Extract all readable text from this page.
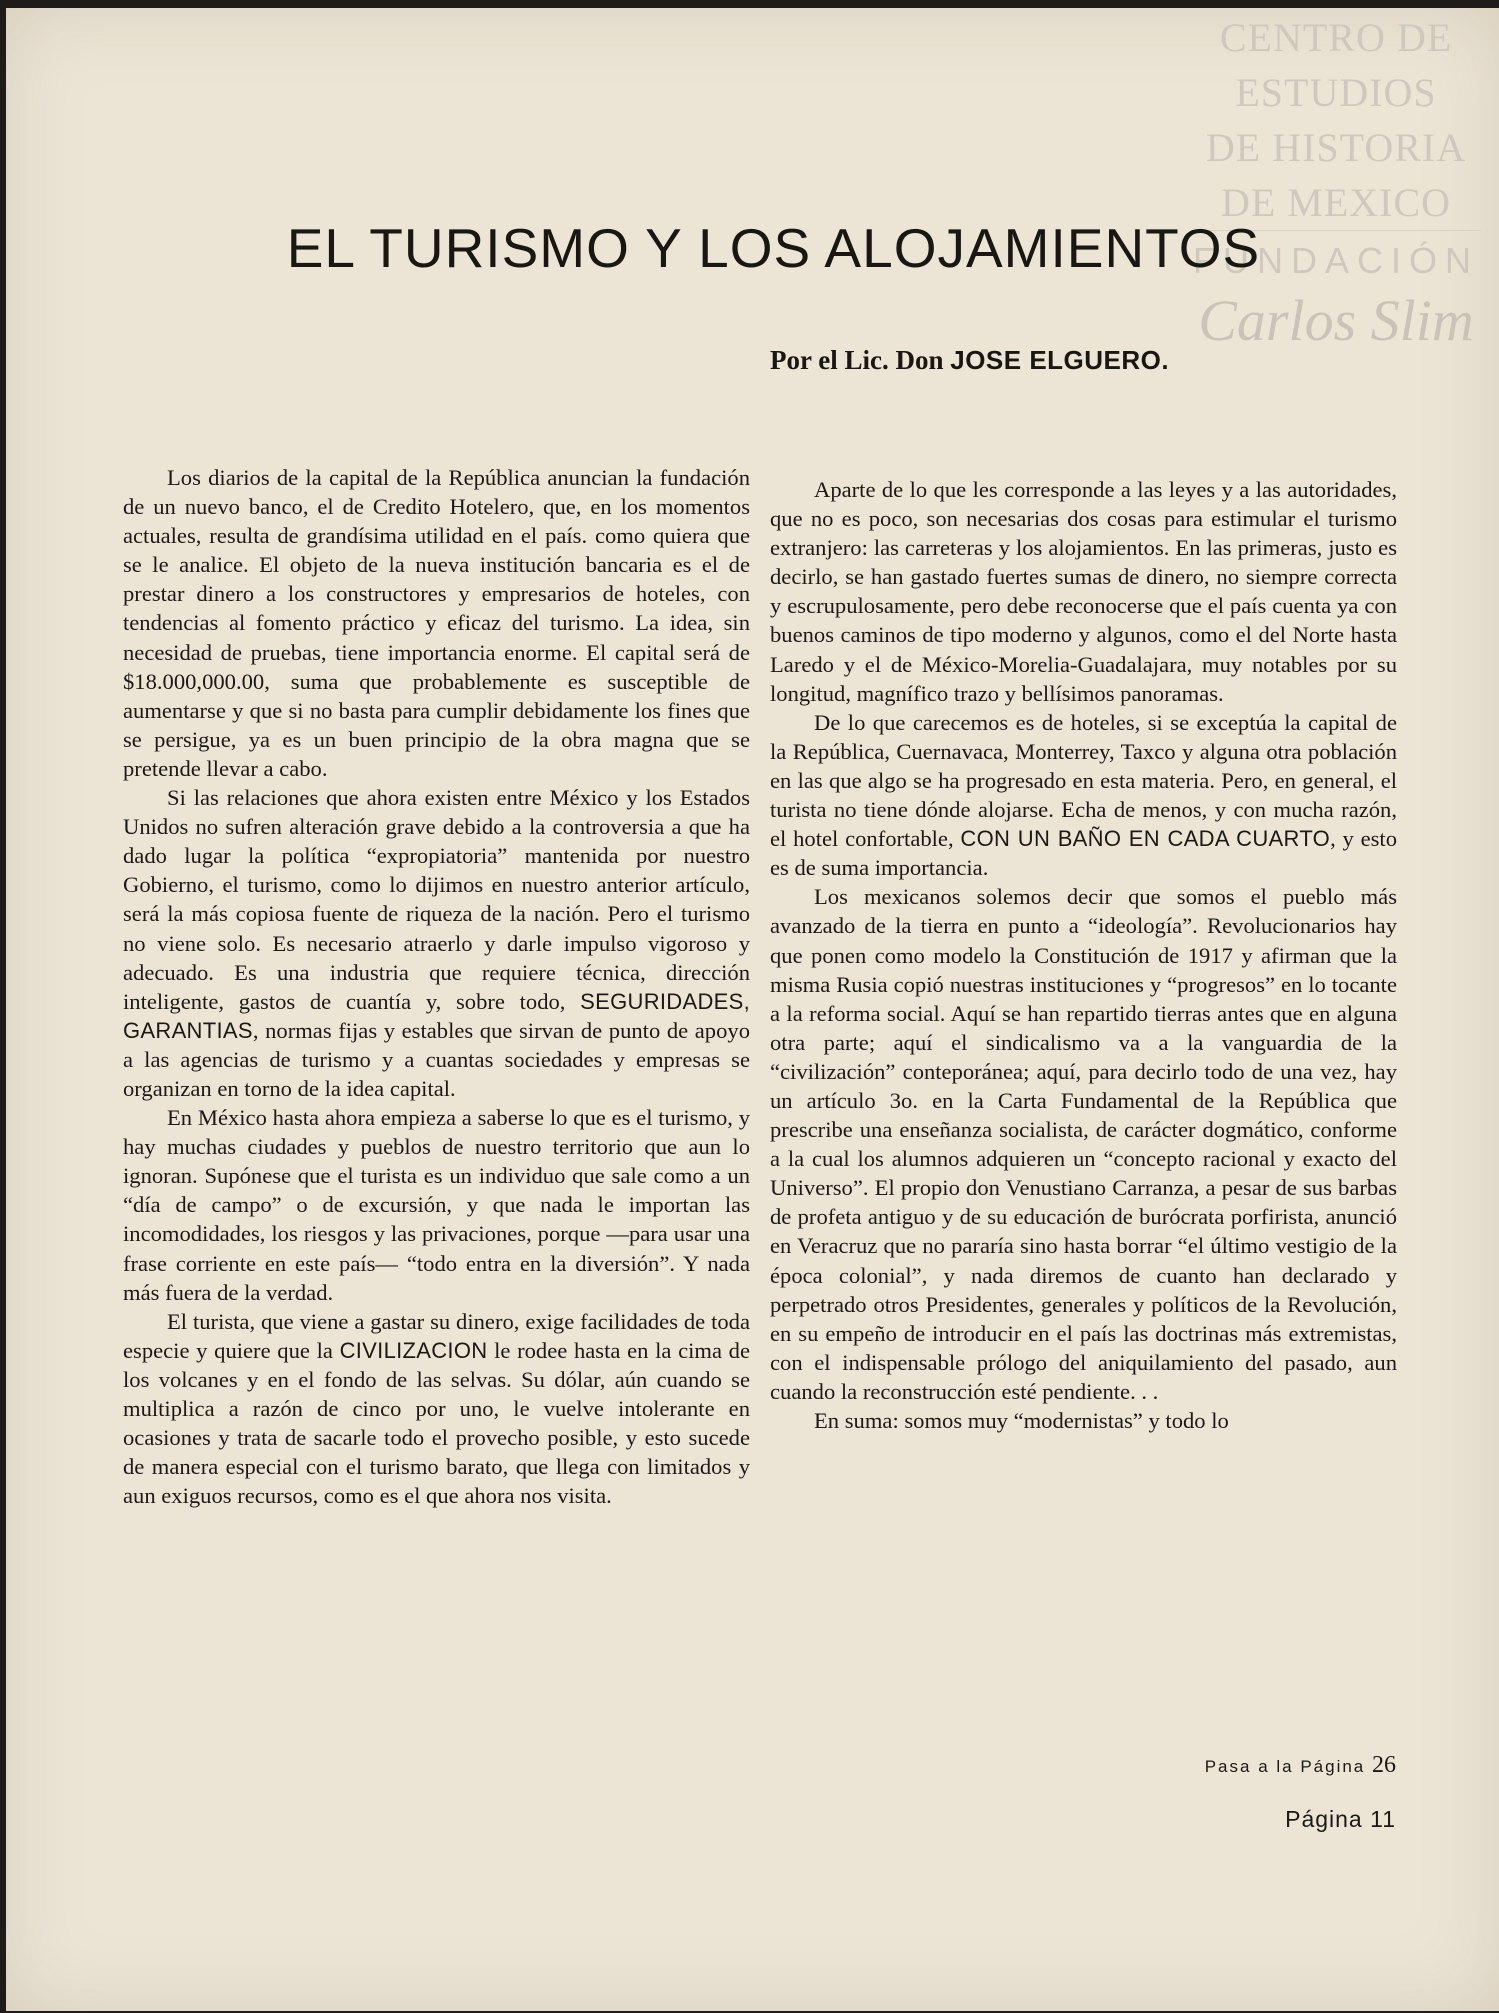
CENTRO DE
ESTUDIOS
DE HISTORIA
DE MEXICO
FUNDACIÓN
Carlos Slim
EL TURISMO Y LOS ALOJAMIENTOS
Por el Lic. Don JOSE ELGUERO.

Los diarios de la capital de la República anuncian la fundación de un nuevo banco, el de Credito Hotelero, que, en los momentos actuales, resulta de grandísima utilidad en el país. como quiera que se le analice. El objeto de la nueva institución bancaria es el de prestar dinero a los constructores y empresarios de hoteles, con tendencias al fomento práctico y eficaz del turismo. La idea, sin necesidad de pruebas, tiene importancia enorme. El capital será de $18.000,000.00, suma que probablemente es susceptible de aumentarse y que si no basta para cumplir debidamente los fines que se persigue, ya es un buen principio de la obra magna que se pretende llevar a cabo.

Si las relaciones que ahora existen entre México y los Estados Unidos no sufren alteración grave debido a la controversia a que ha dado lugar la política “expropiatoria” mantenida por nuestro Gobierno, el turismo, como lo dijimos en nuestro anterior artículo, será la más copiosa fuente de riqueza de la nación. Pero el turismo no viene solo. Es necesario atraerlo y darle impulso vigoroso y adecuado. Es una industria que requiere técnica, dirección inteligente, gastos de cuantía y, sobre todo, SEGURIDADES, GARANTIAS, normas fijas y estables que sirvan de punto de apoyo a las agencias de turismo y a cuantas sociedades y empresas se organizan en torno de la idea capital.

En México hasta ahora empieza a saberse lo que es el turismo, y hay muchas ciudades y pueblos de nuestro territorio que aun lo ignoran. Supónese que el turista es un individuo que sale como a un “día de campo” o de excursión, y que nada le importan las incomodidades, los riesgos y las privaciones, porque —para usar una frase corriente en este país— “todo entra en la diversión”. Y nada más fuera de la verdad.

El turista, que viene a gastar su dinero, exige facilidades de toda especie y quiere que la CIVILIZACION le rodee hasta en la cima de los volcanes y en el fondo de las selvas. Su dólar, aún cuando se multiplica a razón de cinco por uno, le vuelve intolerante en ocasiones y trata de sacarle todo el provecho posible, y esto sucede de manera especial con el turismo barato, que llega con limitados y aun exiguos recursos, como es el que ahora nos visita.

Aparte de lo que les corresponde a las leyes y a las autoridades, que no es poco, son necesarias dos cosas para estimular el turismo extranjero: las carreteras y los alojamientos. En las primeras, justo es decirlo, se han gastado fuertes sumas de dinero, no siempre correcta y escrupulosamente, pero debe reconocerse que el país cuenta ya con buenos caminos de tipo moderno y algunos, como el del Norte hasta Laredo y el de México-Morelia-Guadalajara, muy notables por su longitud, magnífico trazo y bellísimos panoramas.

De lo que carecemos es de hoteles, si se exceptúa la capital de la República, Cuernavaca, Monterrey, Taxco y alguna otra población en las que algo se ha progresado en esta materia. Pero, en general, el turista no tiene dónde alojarse. Echa de menos, y con mucha razón, el hotel confortable, CON UN BAÑO EN CADA CUARTO, y esto es de suma importancia.

Los mexicanos solemos decir que somos el pueblo más avanzado de la tierra en punto a “ideología”. Revolucionarios hay que ponen como modelo la Constitución de 1917 y afirman que la misma Rusia copió nuestras instituciones y “progresos” en lo tocante a la reforma social. Aquí se han repartido tierras antes que en alguna otra parte; aquí el sindicalismo va a la vanguardia de la “civilización” conteporánea; aquí, para decirlo todo de una vez, hay un artículo 3o. en la Carta Fundamental de la República que prescribe una enseñanza socialista, de carácter dogmático, conforme a la cual los alumnos adquieren un “concepto racional y exacto del Universo”. El propio don Venustiano Carranza, a pesar de sus barbas de profeta antiguo y de su educación de burócrata porfirista, anunció en Veracruz que no pararía sino hasta borrar “el último vestigio de la época colonial”, y nada diremos de cuanto han declarado y perpetrado otros Presidentes, generales y políticos de la Revolución, en su empeño de introducir en el país las doctrinas más extremistas, con el indispensable prólogo del aniquilamiento del pasado, aun cuando la reconstrucción esté pendiente. . .

En suma: somos muy “modernistas” y todo lo

Pasa a la Página 26
Página 11
